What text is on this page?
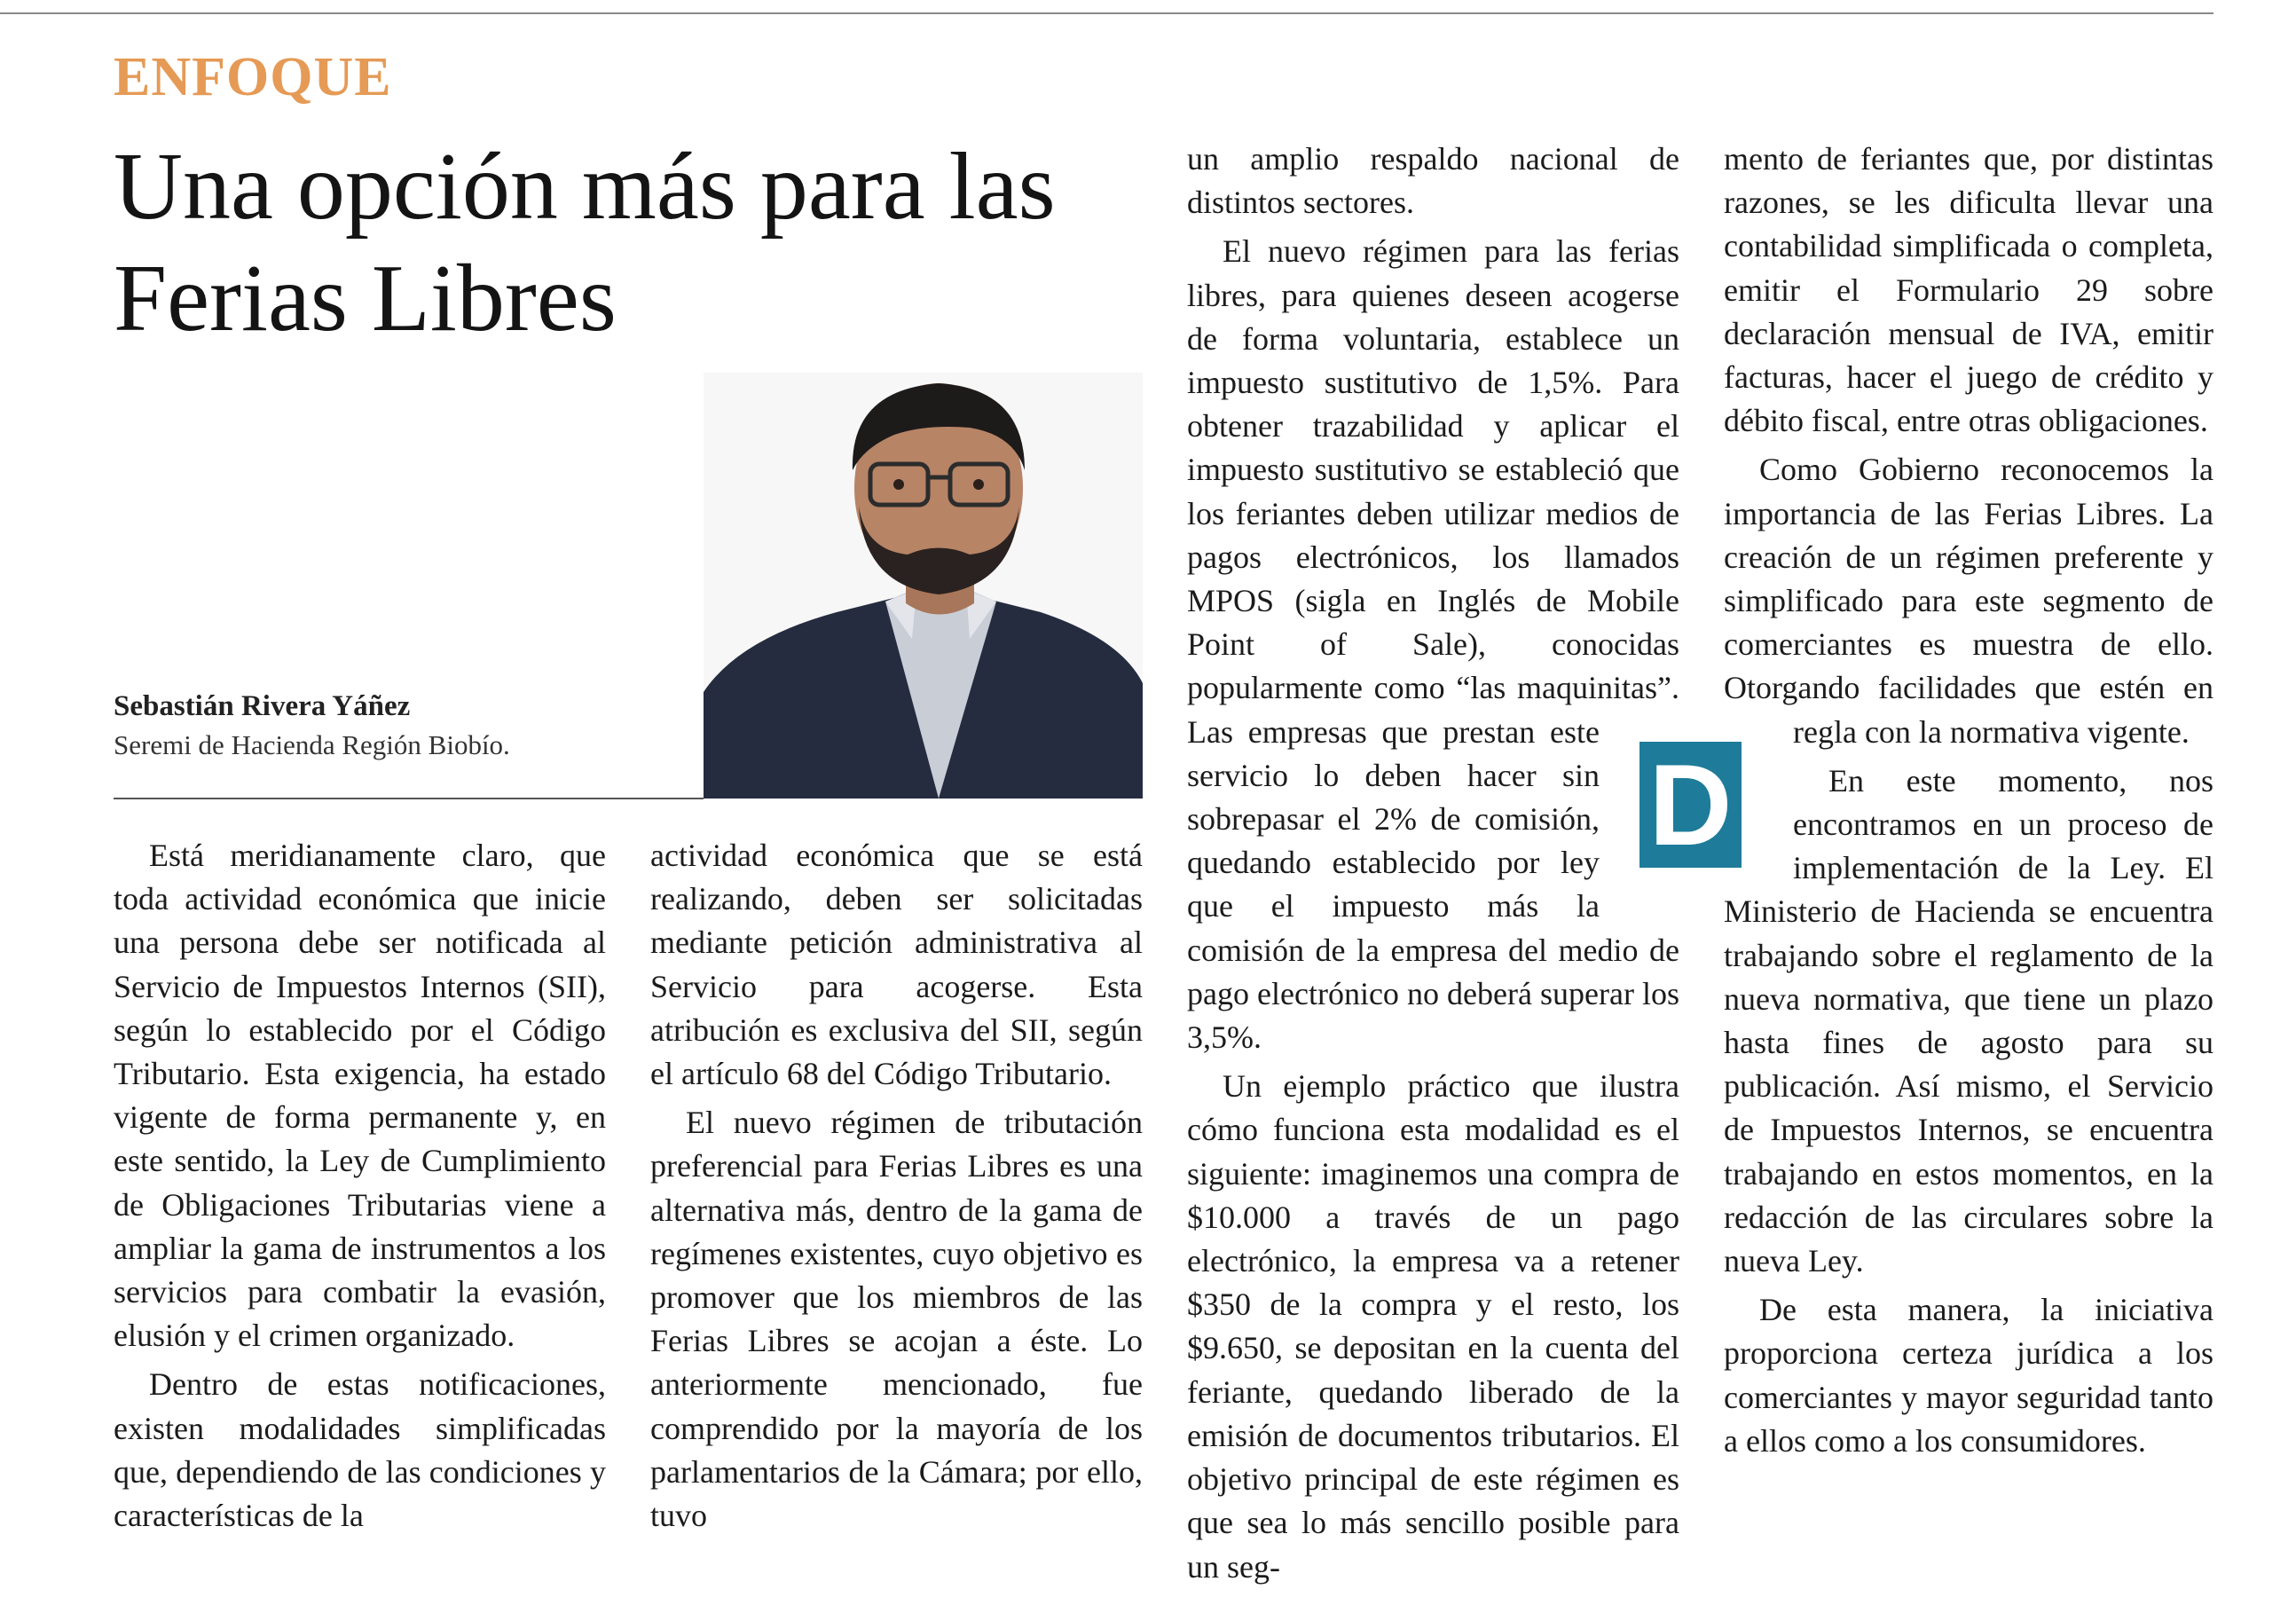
ENFOQUE
Una opción más para las Ferias Libres
Sebastián Rivera Yáñez
Seremi de Hacienda Región Biobío.

Está meridianamente claro, que toda actividad económica que inicie una persona debe ser notificada al Servicio de Impuestos Internos (SII), según lo establecido por el Código Tributario. Esta exigencia, ha estado vigente de forma permanente y, en este sentido, la Ley de Cumplimiento de Obligaciones Tributarias viene a ampliar la gama de instrumentos a los servicios para combatir la evasión, elusión y el crimen organizado.

Dentro de estas notificaciones, existen modalidades simplificadas que, dependiendo de las condiciones y características de la

actividad económica que se está realizando, deben ser solicitadas mediante petición administrativa al Servicio para acogerse. Esta atribución es exclusiva del SII, según el artículo 68 del Código Tributario.

El nuevo régimen de tributación preferencial para Ferias Libres es una alternativa más, dentro de la gama de regímenes existentes, cuyo objetivo es promover que los miembros de las Ferias Libres se acojan a éste. Lo anteriormente mencionado, fue comprendido por la mayoría de los parlamentarios de la Cámara; por ello, tuvo

un amplio respaldo nacional de distintos sectores.

El nuevo régimen para las ferias libres, para quienes deseen acogerse de forma voluntaria, establece un impuesto sustitutivo de 1,5%. Para obtener trazabilidad y aplicar el impuesto sustitutivo se estableció que los feriantes deben utilizar medios de pagos electrónicos, los llamados MPOS (sigla en Inglés de Mobile Point of Sale), conocidas popularmente como “las maquinitas”. Las empresas que prestan este servicio lo deben hacer sin sobrepasar el 2% de comisión, quedando establecido por ley que el impuesto más la comisión de la empresa del medio de pago electrónico no deberá superar los 3,5%.

Un ejemplo práctico que ilustra cómo funciona esta modalidad es el siguiente: imaginemos una compra de $10.000 a través de un pago electrónico, la empresa va a retener $350 de la compra y el resto, los $9.650, se depositan en la cuenta del feriante, quedando liberado de la emisión de documentos tributarios. El objetivo principal de este régimen es que sea lo más sencillo posible para un seg-

mento de feriantes que, por distintas razones, se les dificulta llevar una contabilidad simplificada o completa, emitir el Formulario 29 sobre declaración mensual de IVA, emitir facturas, hacer el juego de crédito y débito fiscal, entre otras obligaciones.

Como Gobierno reconocemos la importancia de las Ferias Libres. La creación de un régimen preferente y simplificado para este segmento de comerciantes es muestra de ello. Otorgando facilidades que estén en regla con la normativa vigente.

En este momento, nos encontramos en un proceso de implementación de la Ley. El Ministerio de Hacienda se encuentra trabajando sobre el reglamento de la nueva normativa, que tiene un plazo hasta fines de agosto para su publicación. Así mismo, el Servicio de Impuestos Internos, se encuentra trabajando en estos momentos, en la redacción de las circulares sobre la nueva Ley.

De esta manera, la iniciativa proporciona certeza jurídica a los comerciantes y mayor seguridad tanto a ellos como a los consumidores.

D
